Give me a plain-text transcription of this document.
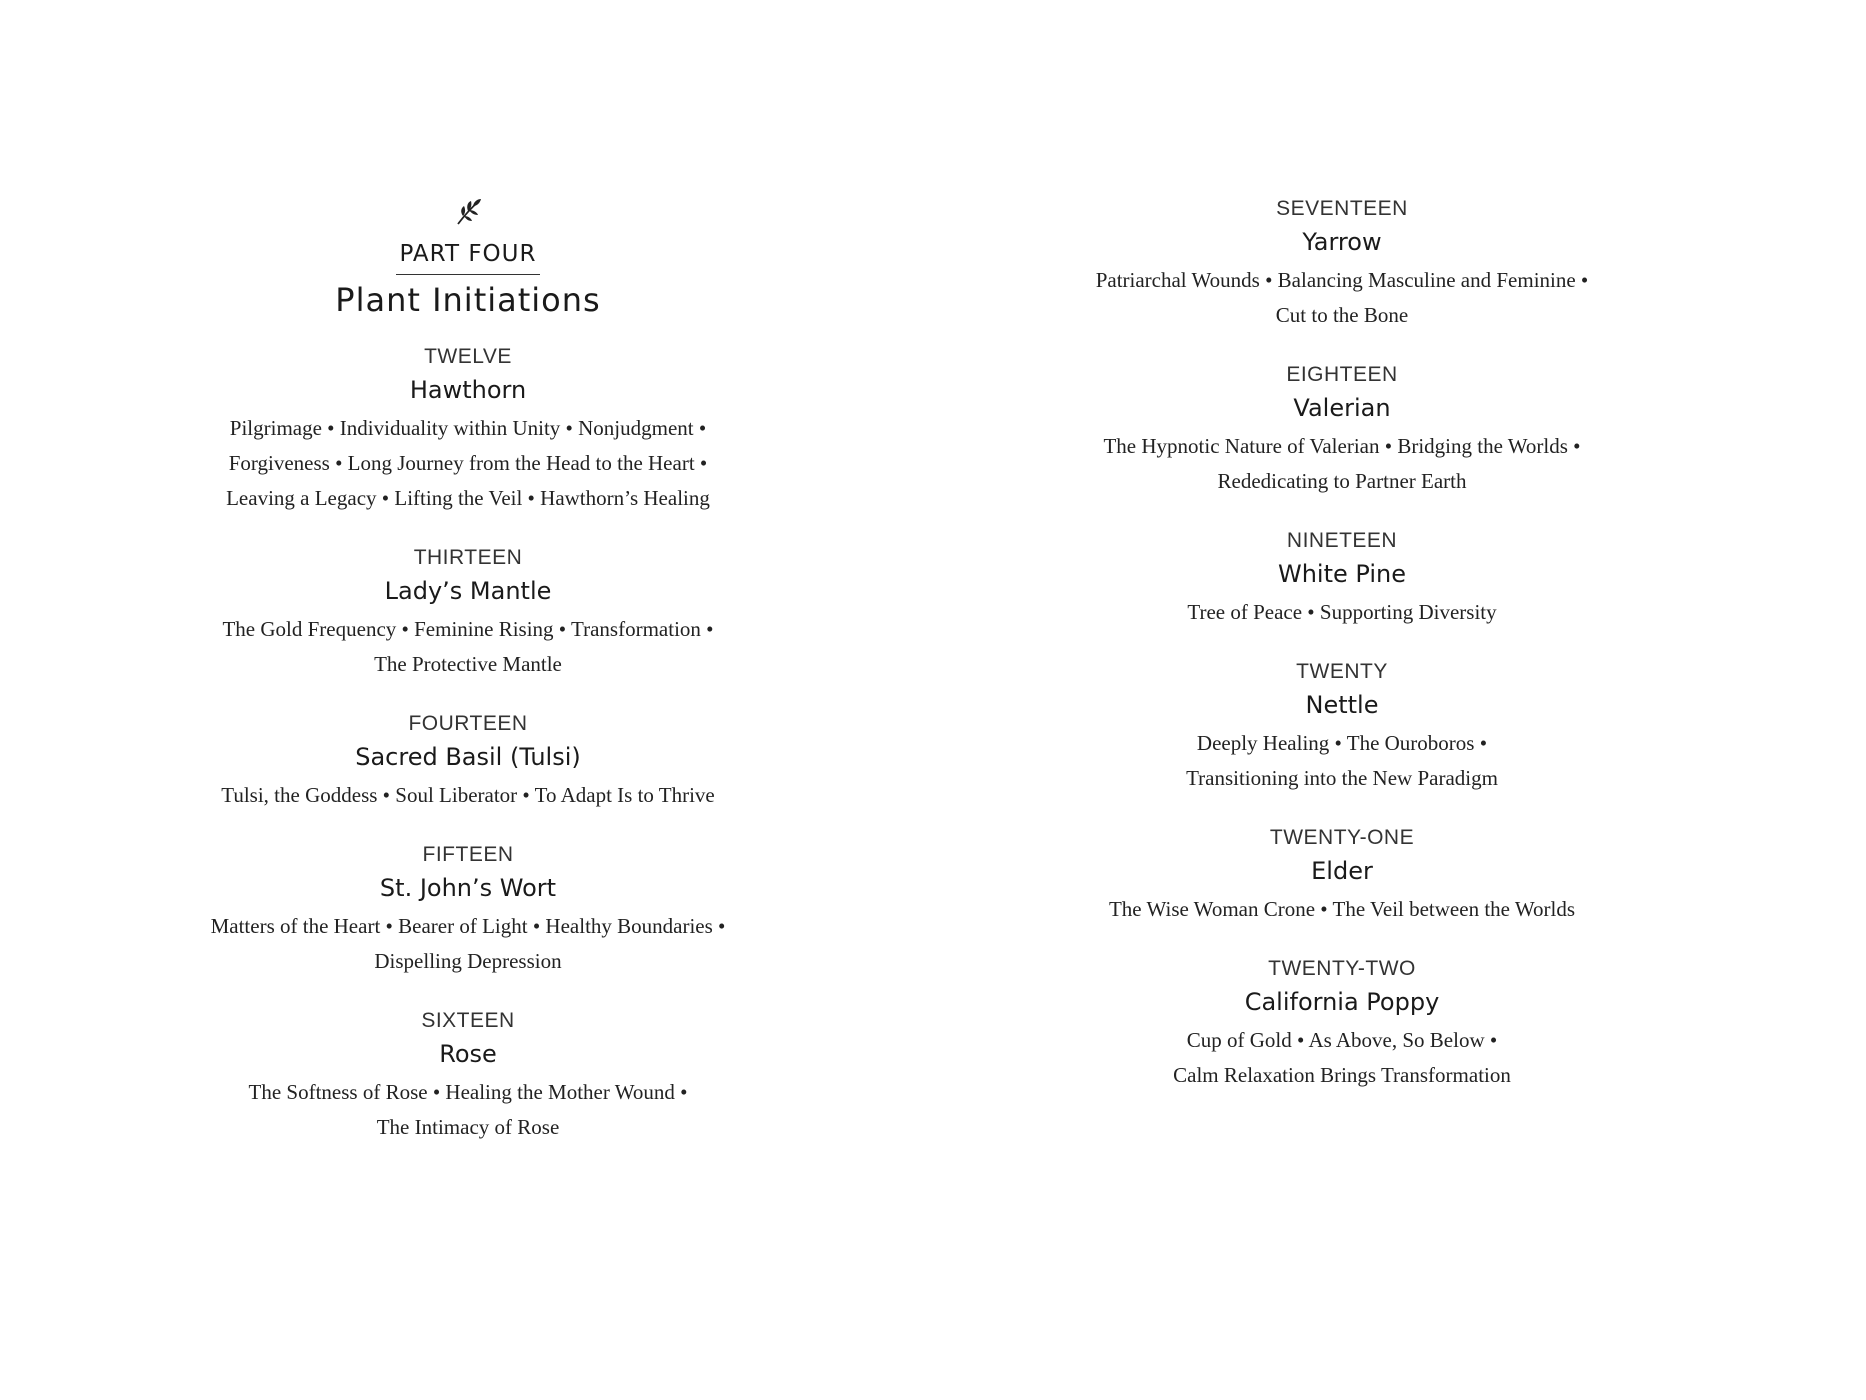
PART FOUR
Plant Initiations
TWELVE
Hawthorn
Pilgrimage • Individuality within Unity • Nonjudgment •
Forgiveness • Long Journey from the Head to the Heart •
Leaving a Legacy • Lifting the Veil • Hawthorn’s Healing
THIRTEEN
Lady’s Mantle
The Gold Frequency • Feminine Rising • Transformation •
The Protective Mantle
FOURTEEN
Sacred Basil (Tulsi)
Tulsi, the Goddess • Soul Liberator • To Adapt Is to Thrive
FIFTEEN
St. John’s Wort
Matters of the Heart • Bearer of Light • Healthy Boundaries •
Dispelling Depression
SIXTEEN
Rose
The Softness of Rose • Healing the Mother Wound •
The Intimacy of Rose
SEVENTEEN
Yarrow
Patriarchal Wounds • Balancing Masculine and Feminine •
Cut to the Bone
EIGHTEEN
Valerian
The Hypnotic Nature of Valerian • Bridging the Worlds •
Rededicating to Partner Earth
NINETEEN
White Pine
Tree of Peace • Supporting Diversity
TWENTY
Nettle
Deeply Healing • The Ouroboros •
Transitioning into the New Paradigm
TWENTY-ONE
Elder
The Wise Woman Crone • The Veil between the Worlds
TWENTY-TWO
California Poppy
Cup of Gold • As Above, So Below •
Calm Relaxation Brings Transformation
